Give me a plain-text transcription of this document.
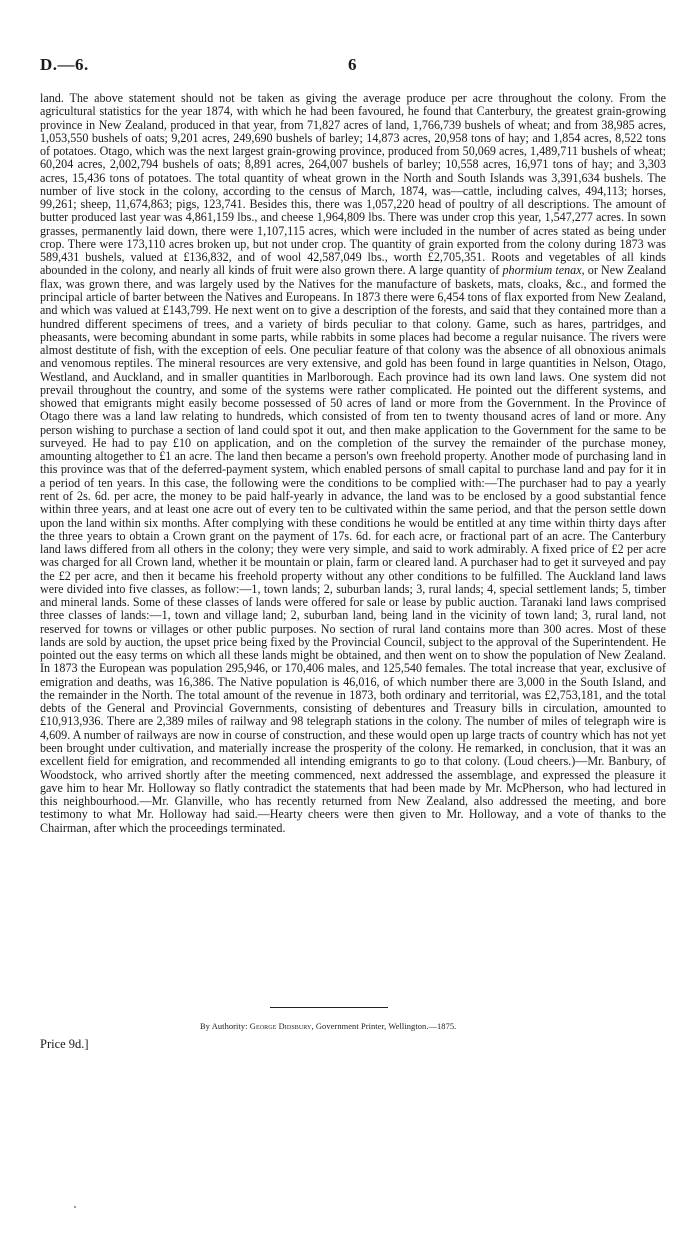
D.—6.	6
land. The above statement should not be taken as giving the average produce per acre throughout the colony. From the agricultural statistics for the year 1874, with which he had been favoured, he found that Canterbury, the greatest grain-growing province in New Zealand, produced in that year, from 71,827 acres of land, 1,766,739 bushels of wheat; and from 38,985 acres, 1,053,550 bushels of oats; 9,201 acres, 249,690 bushels of barley; 14,873 acres, 20,958 tons of hay; and 1,854 acres, 8,522 tons of potatoes. Otago, which was the next largest grain-growing province, produced from 50,069 acres, 1,489,711 bushels of wheat; 60,204 acres, 2,002,794 bushels of oats; 8,891 acres, 264,007 bushels of barley; 10,558 acres, 16,971 tons of hay; and 3,303 acres, 15,436 tons of potatoes. The total quantity of wheat grown in the North and South Islands was 3,391,634 bushels. The number of live stock in the colony, according to the census of March, 1874, was—cattle, including calves, 494,113; horses, 99,261; sheep, 11,674,863; pigs, 123,741. Besides this, there was 1,057,220 head of poultry of all descriptions. The amount of butter produced last year was 4,861,159 lbs., and cheese 1,964,809 lbs. There was under crop this year, 1,547,277 acres. In sown grasses, permanently laid down, there were 1,107,115 acres, which were included in the number of acres stated as being under crop. There were 173,110 acres broken up, but not under crop. The quantity of grain exported from the colony during 1873 was 589,431 bushels, valued at £136,832, and of wool 42,587,049 lbs., worth £2,705,351. Roots and vegetables of all kinds abounded in the colony, and nearly all kinds of fruit were also grown there. A large quantity of phormium tenax, or New Zealand flax, was grown there, and was largely used by the Natives for the manufacture of baskets, mats, cloaks, &c., and formed the principal article of barter between the Natives and Europeans. In 1873 there were 6,454 tons of flax exported from New Zealand, and which was valued at £143,799. He next went on to give a description of the forests, and said that they contained more than a hundred different specimens of trees, and a variety of birds peculiar to that colony. Game, such as hares, partridges, and pheasants, were becoming abundant in some parts, while rabbits in some places had become a regular nuisance. The rivers were almost destitute of fish, with the exception of eels. One peculiar feature of that colony was the absence of all obnoxious animals and venomous reptiles. The mineral resources are very extensive, and gold has been found in large quantities in Nelson, Otago, Westland, and Auckland, and in smaller quantities in Marlborough. Each province had its own land laws. One system did not prevail throughout the country, and some of the systems were rather complicated. He pointed out the different systems, and showed that emigrants might easily become possessed of 50 acres of land or more from the Government. In the Province of Otago there was a land law relating to hundreds, which consisted of from ten to twenty thousand acres of land or more. Any person wishing to purchase a section of land could spot it out, and then make application to the Government for the same to be surveyed. He had to pay £10 on application, and on the completion of the survey the remainder of the purchase money, amounting altogether to £1 an acre. The land then became a person's own freehold property. Another mode of purchasing land in this province was that of the deferred-payment system, which enabled persons of small capital to purchase land and pay for it in a period of ten years. In this case, the following were the conditions to be complied with:—The purchaser had to pay a yearly rent of 2s. 6d. per acre, the money to be paid half-yearly in advance, the land was to be enclosed by a good substantial fence within three years, and at least one acre out of every ten to be cultivated within the same period, and that the person settle down upon the land within six months. After complying with these conditions he would be entitled at any time within thirty days after the three years to obtain a Crown grant on the payment of 17s. 6d. for each acre, or fractional part of an acre. The Canterbury land laws differed from all others in the colony; they were very simple, and said to work admirably. A fixed price of £2 per acre was charged for all Crown land, whether it be mountain or plain, farm or cleared land. A purchaser had to get it surveyed and pay the £2 per acre, and then it became his freehold property without any other conditions to be fulfilled. The Auckland land laws were divided into five classes, as follow:—1, town lands; 2, suburban lands; 3, rural lands; 4, special settlement lands; 5, timber and mineral lands. Some of these classes of lands were offered for sale or lease by public auction. Taranaki land laws comprised three classes of lands:—1, town and village land; 2, suburban land, being land in the vicinity of town land; 3, rural land, not reserved for towns or villages or other public purposes. No section of rural land contains more than 300 acres. Most of these lands are sold by auction, the upset price being fixed by the Provincial Council, subject to the approval of the Superintendent. He pointed out the easy terms on which all these lands might be obtained, and then went on to show the population of New Zealand. In 1873 the European was population 295,946, or 170,406 males, and 125,540 females. The total increase that year, exclusive of emigration and deaths, was 16,386. The Native population is 46,016, of which number there are 3,000 in the South Island, and the remainder in the North. The total amount of the revenue in 1873, both ordinary and territorial, was £2,753,181, and the total debts of the General and Provincial Governments, consisting of debentures and Treasury bills in circulation, amounted to £10,913,936. There are 2,389 miles of railway and 98 telegraph stations in the colony. The number of miles of telegraph wire is 4,609. A number of railways are now in course of construction, and these would open up large tracts of country which has not yet been brought under cultivation, and materially increase the prosperity of the colony. He remarked, in conclusion, that it was an excellent field for emigration, and recommended all intending emigrants to go to that colony. (Loud cheers.)—Mr. Banbury, of Woodstock, who arrived shortly after the meeting commenced, next addressed the assemblage, and expressed the pleasure it gave him to hear Mr. Holloway so flatly contradict the statements that had been made by Mr. McPherson, who had lectured in this neighbourhood.—Mr. Glanville, who has recently returned from New Zealand, also addressed the meeting, and bore testimony to what Mr. Holloway had said.—Hearty cheers were then given to Mr. Holloway, and a vote of thanks to the Chairman, after which the proceedings terminated.
By Authority: George Didsbury, Government Printer, Wellington.—1875.
Price 9d.]
